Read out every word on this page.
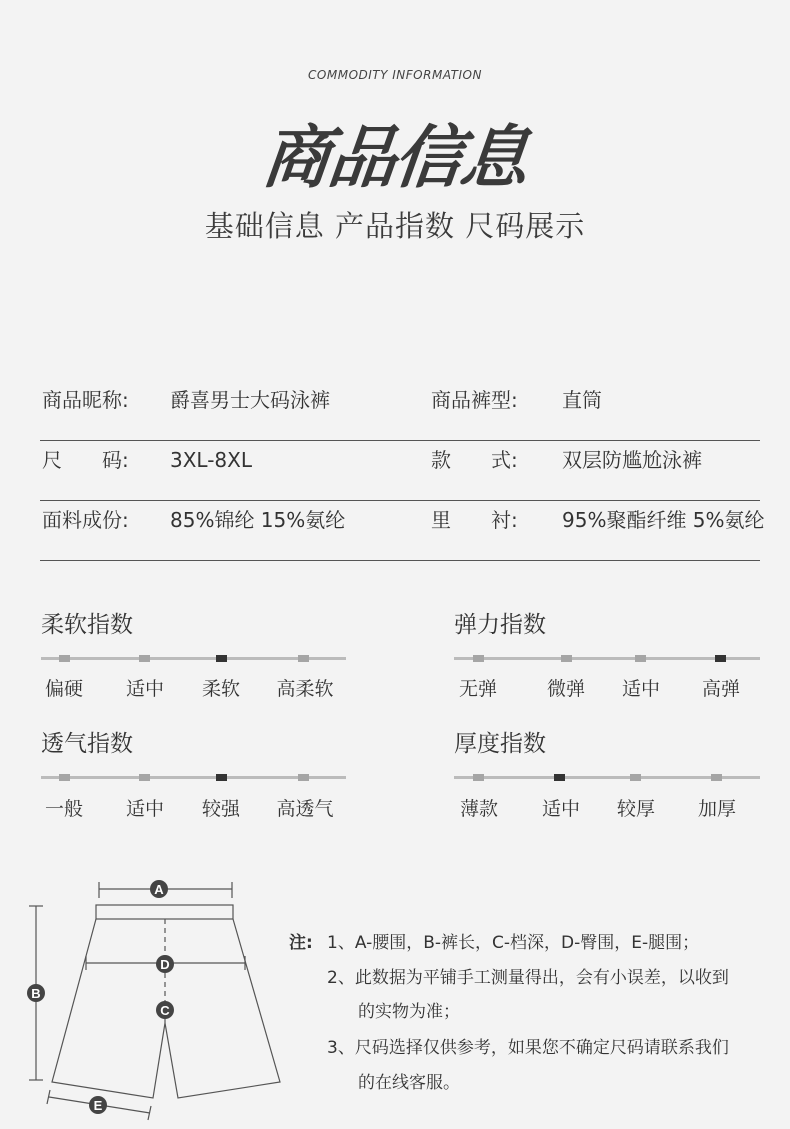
COMMODITY INFORMATION
商品信息
基础信息 产品指数 尺码展示
商品昵称: 爵喜男士大码泳裤	商品裤型: 直筒
尺　　码: 3XL-8XL	款　　式: 双层防尴尬泳裤
面料成份: 85%锦纶 15%氨纶	里　　衬: 95%聚酯纤维 5%氨纶
柔软指数
偏硬 适中 柔软 高柔软
弹力指数
无弹	微弹 适中 高弹
透气指数
一般 适中 较强 高透气
厚度指数
薄款 适中 较厚 加厚
A
B
C
D
E
注: 1、A-腰围，B-裤长，C-档深，D-臀围，E-腿围；
2、此数据为平铺手工测量得出，会有小误差，以收到
的实物为准；
3、尺码选择仅供参考，如果您不确定尺码请联系我们
的在线客服。
